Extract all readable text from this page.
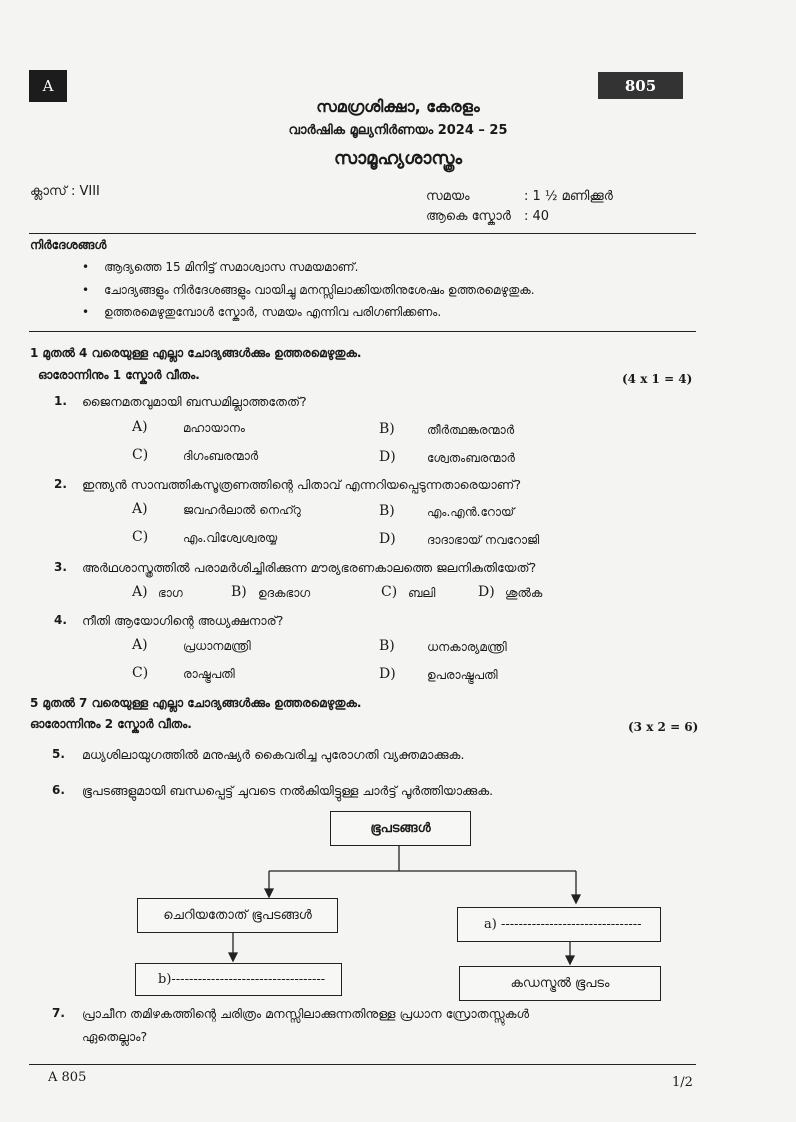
A	805
സമഗ്രശിക്ഷാ, കേരളം
വാർഷിക മൂല്യനിർണയം 2024 – 25
സാമൂഹ്യശാസ്ത്രം
ക്ലാസ് : VIII	സമയം	: 1 ½ മണിക്കൂർ
ആകെ സ്കോർ : 40
നിർദേശങ്ങൾ
• ആദ്യത്തെ 15 മിനിട്ട് സമാശ്വാസ സമയമാണ്.
• ചോദ്യങ്ങളും നിർദേശങ്ങളും വായിച്ചു മനസ്സിലാക്കിയതിനുശേഷം ഉത്തരമെഴുതുക.
• ഉത്തരമെഴുതുമ്പോൾ സ്കോർ, സമയം എന്നിവ പരിഗണിക്കണം.
1 മുതൽ 4 വരെയുള്ള എല്ലാ ചോദ്യങ്ങൾക്കും ഉത്തരമെഴുതുക.
ഓരോന്നിനും 1 സ്കോർ വീതം.	(4 x 1 = 4)
1. ജൈനമതവുമായി ബന്ധമില്ലാത്തതേത്?
A)	മഹായാനം	B)	തീർത്ഥങ്കരന്മാർ
C)	ദിഗംബരന്മാർ	D)	ശ്വേതംബരന്മാർ
2. ഇന്ത്യൻ സാമ്പത്തികസൂത്രണത്തിന്റെ പിതാവ് എന്നറിയപ്പെടുന്നതാരെയാണ്?
A)	ജവഹർലാൽ നെഹ്റു	B)	എം.എൻ.റോയ്
C)	എം.വിശ്വേശ്വരയ്യ	D)	ദാദാഭായ് നവറോജി
3. അർഥശാസ്ത്രത്തിൽ പരാമർശിച്ചിരിക്കുന്ന മൗര്യഭരണകാലത്തെ ജലനികുതിയേത്?
A) ഭാഗ	B) ഉദകഭാഗ	C) ബലി	D) ശുൽക
4. നീതി ആയോഗിന്റെ അധ്യക്ഷനാര്?
A)	പ്രധാനമന്ത്രി	B)	ധനകാര്യമന്ത്രി
C)	രാഷ്ട്രപതി	D)	ഉപരാഷ്ട്രപതി
5 മുതൽ 7 വരെയുള്ള എല്ലാ ചോദ്യങ്ങൾക്കും ഉത്തരമെഴുതുക.
ഓരോന്നിനും 2 സ്കോർ വീതം.	(3 x 2 = 6)
5. മധ്യശിലായുഗത്തിൽ മനുഷ്യർ കൈവരിച്ച പുരോഗതി വ്യക്തമാക്കുക.
6. ഭൂപടങ്ങളുമായി ബന്ധപ്പെട്ട് ചുവടെ നൽകിയിട്ടുള്ള ചാർട്ട് പൂർത്തിയാക്കുക.
ഭൂപടങ്ങൾ
ചെറിയതോത് ഭൂപടങ്ങൾ
a) --------------------------------
b)-----------------------------------	കഡസ്ട്രൽ ഭൂപടം
7. പ്രാചീന തമിഴകത്തിന്റെ ചരിത്രം മനസ്സിലാക്കുന്നതിനുള്ള പ്രധാന സ്രോതസ്സുകൾ
ഏതെല്ലാം?
A 805	1/2
